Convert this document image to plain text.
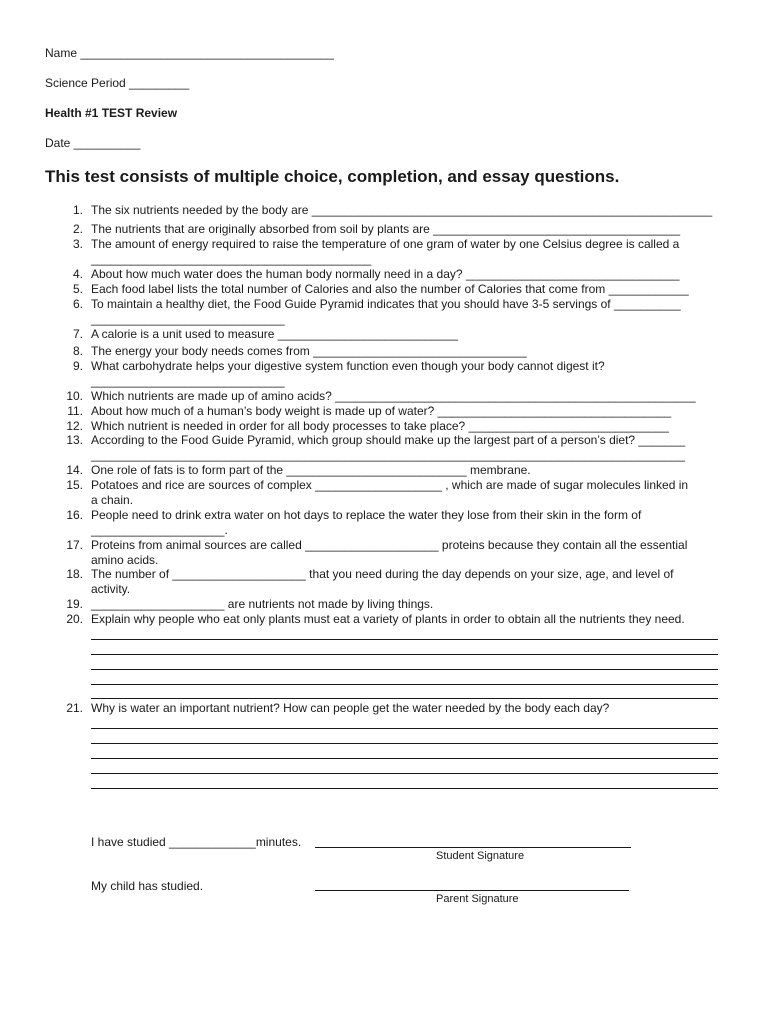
Name ______________________________________
Science Period _________
Health #1 TEST Review
Date __________
This test consists of multiple choice, completion, and essay questions.
1. The six nutrients needed by the body are ____________________________________________________________
2. The nutrients that are originally absorbed from soil by plants are _____________________________________
3. The amount of energy required to raise the temperature of one gram of water by one Celsius degree is called a
__________________________________________
4. About how much water does the human body normally need in a day? ________________________________
5. Each food label lists the total number of Calories and also the number of Calories that come from ____________
6. To maintain a healthy diet, the Food Guide Pyramid indicates that you should have 3-5 servings of __________
_____________________________
7. A calorie is a unit used to measure ___________________________
8. The energy your body needs comes from ________________________________
9. What carbohydrate helps your digestive system function even though your body cannot digest it?
_____________________________
10. Which nutrients are made up of amino acids? ______________________________________________________
11. About how much of a human’s body weight is made up of water? ___________________________________
12. Which nutrient is needed in order for all body processes to take place? ______________________________
13. According to the Food Guide Pyramid, which group should make up the largest part of a person’s diet? _______
_________________________________________________________________________________________
14. One role of fats is to form part of the ___________________________ membrane.
15. Potatoes and rice are sources of complex ___________________ , which are made of sugar molecules linked in
a chain.
16. People need to drink extra water on hot days to replace the water they lose from their skin in the form of
____________________.
17. Proteins from animal sources are called ____________________ proteins because they contain all the essential
amino acids.
18. The number of ____________________ that you need during the day depends on your size, age, and level of
activity.
19. ____________________ are nutrients not made by living things.
20. Explain why people who eat only plants must eat a variety of plants in order to obtain all the nutrients they need.
21. Why is water an important nutrient? How can people get the water needed by the body each day?
I have studied _____________minutes.
Student Signature
My child has studied.
Parent Signature
